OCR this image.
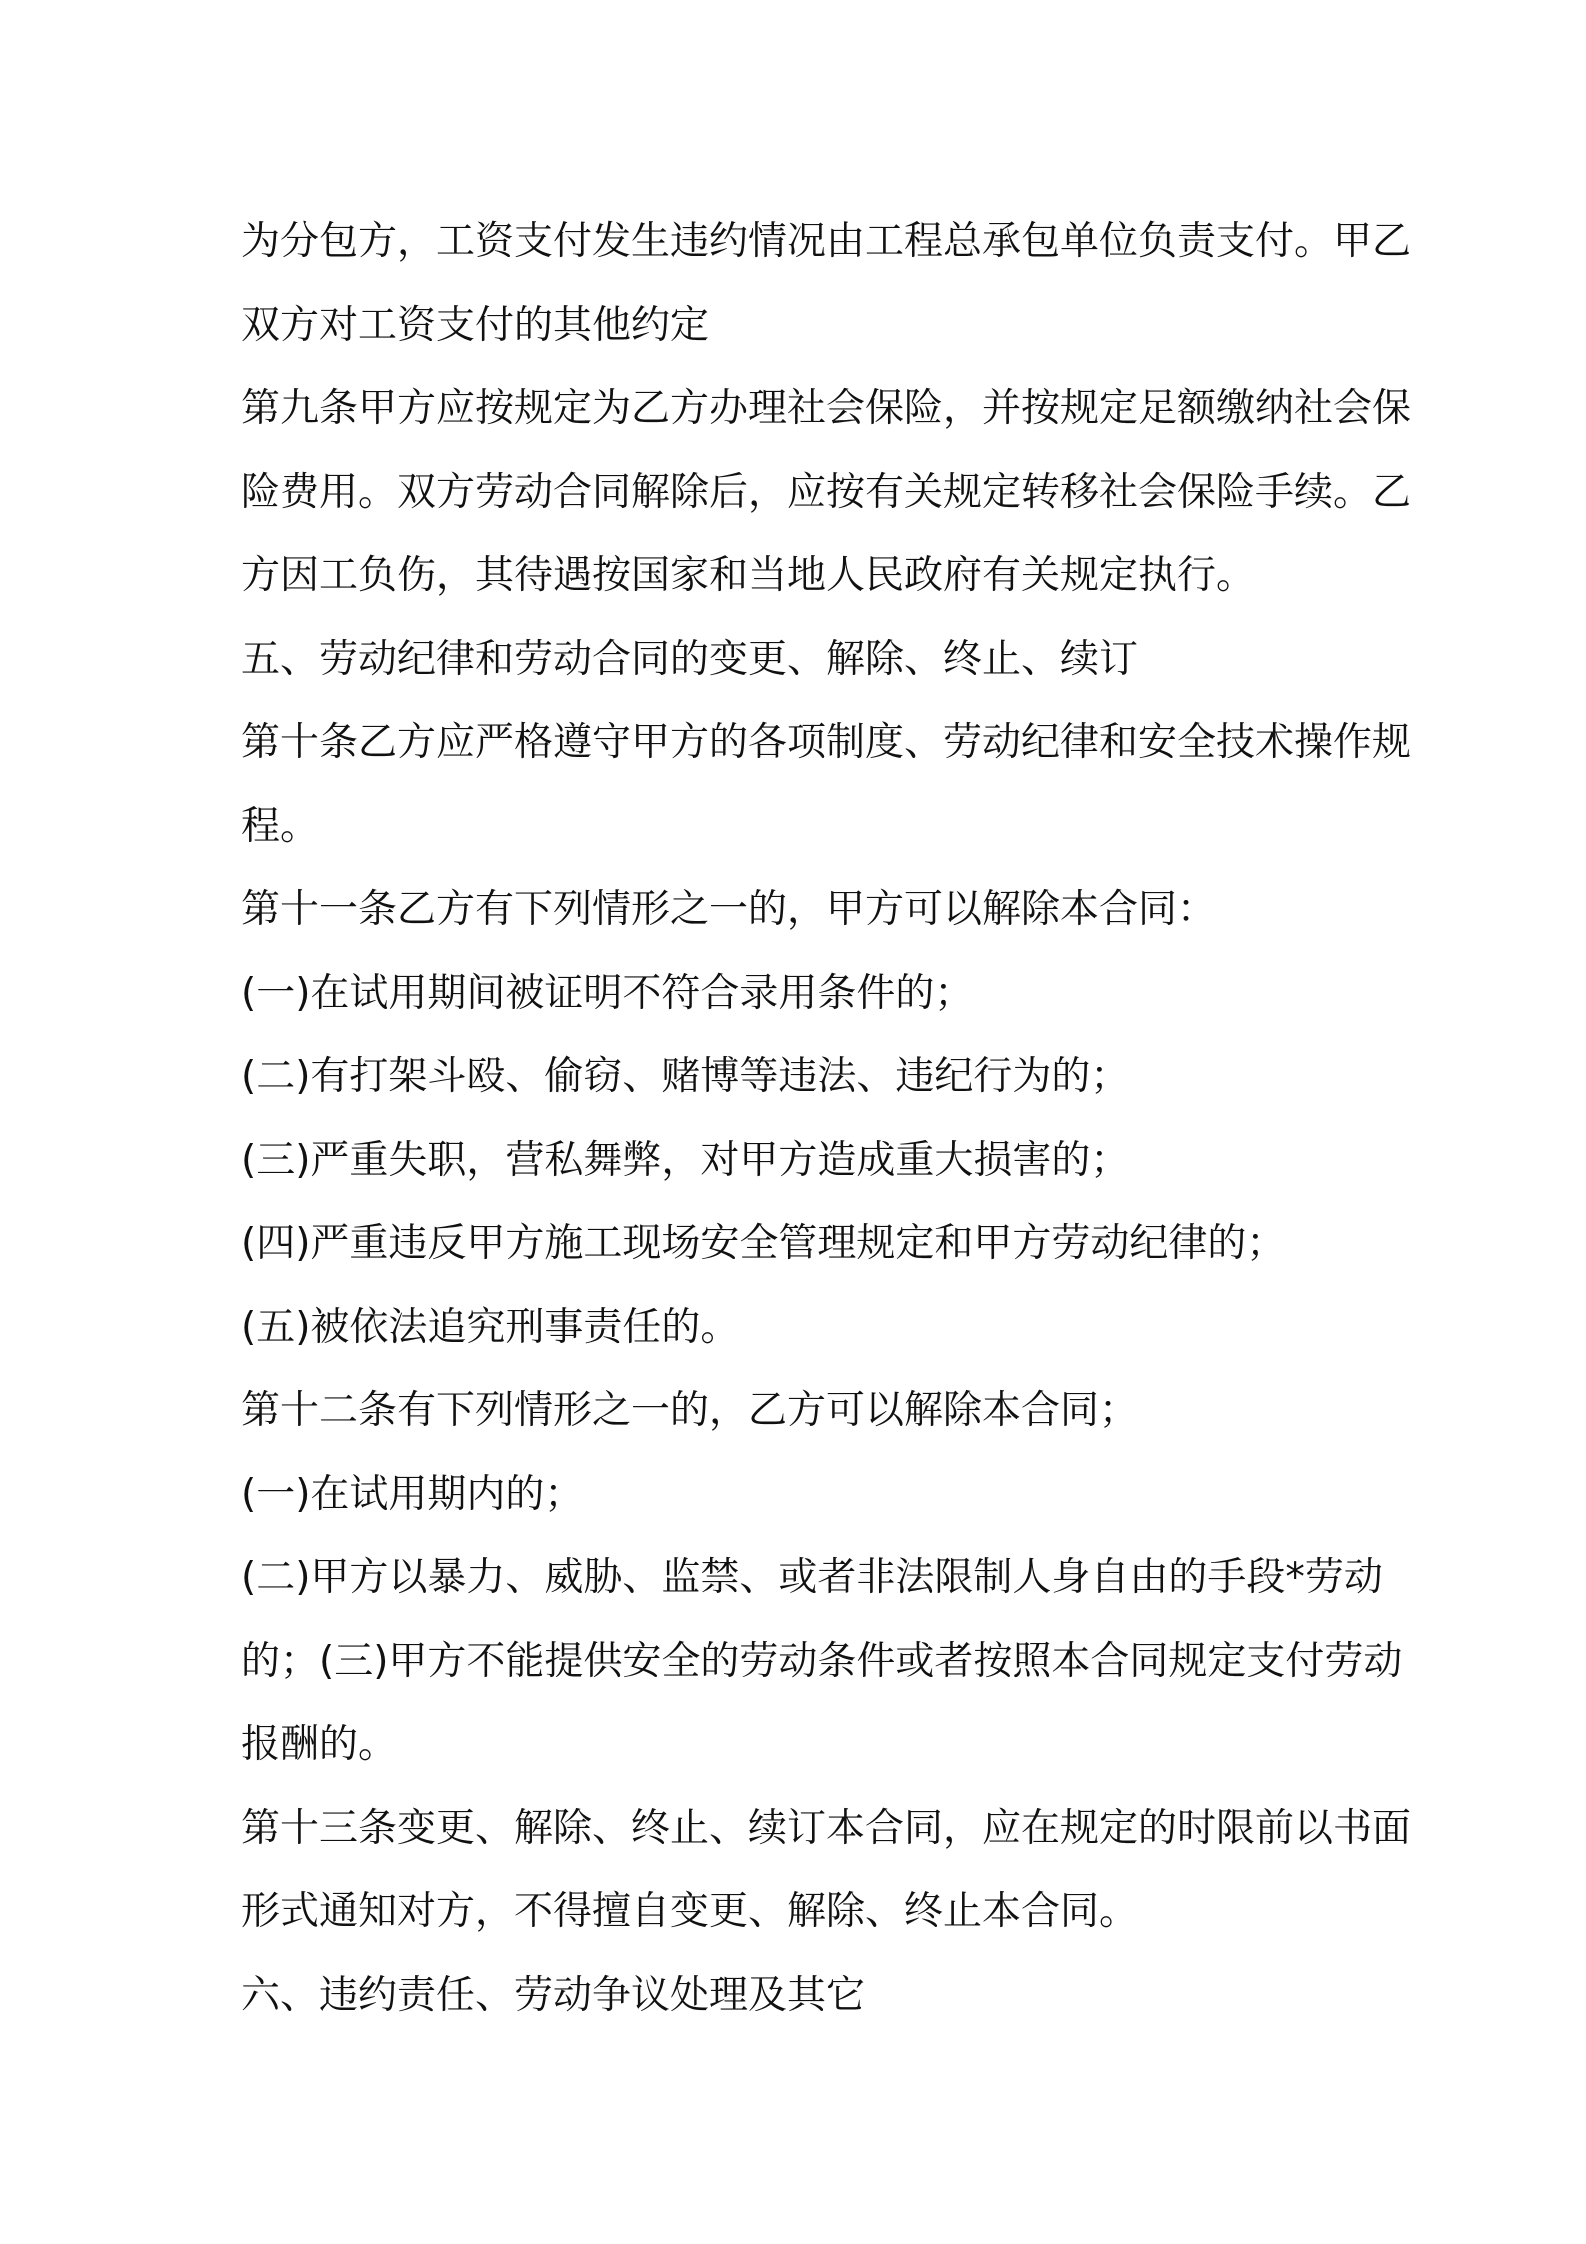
为分包方，工资支付发生违约情况由工程总承包单位负责支付。甲乙
双方对工资支付的其他约定
第九条甲方应按规定为乙方办理社会保险，并按规定足额缴纳社会保
险费用。双方劳动合同解除后，应按有关规定转移社会保险手续。乙
方因工负伤，其待遇按国家和当地人民政府有关规定执行。
五、劳动纪律和劳动合同的变更、解除、终止、续订
第十条乙方应严格遵守甲方的各项制度、劳动纪律和安全技术操作规
程。
第十一条乙方有下列情形之一的，甲方可以解除本合同：
(一)在试用期间被证明不符合录用条件的；
(二)有打架斗殴、偷窃、赌博等违法、违纪行为的；
(三)严重失职，营私舞弊，对甲方造成重大损害的；
(四)严重违反甲方施工现场安全管理规定和甲方劳动纪律的；
(五)被依法追究刑事责任的。
第十二条有下列情形之一的，乙方可以解除本合同；
(一)在试用期内的；
(二)甲方以暴力、威胁、监禁、或者非法限制人身自由的手段*劳动
的；(三)甲方不能提供安全的劳动条件或者按照本合同规定支付劳动
报酬的。
第十三条变更、解除、终止、续订本合同，应在规定的时限前以书面
形式通知对方，不得擅自变更、解除、终止本合同。
六、违约责任、劳动争议处理及其它
